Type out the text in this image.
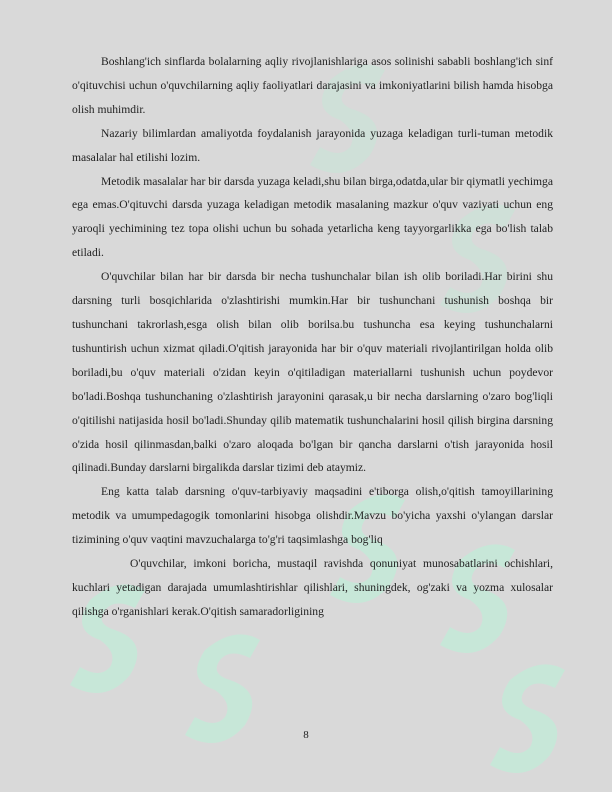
Boshlang'ich sinflarda bolalarning aqliy rivojlanishlariga asos solinishi sababli boshlang'ich sinf o'qituvchisi uchun o'quvchilarning aqliy faoliyatlari darajasini va imkoniyatlarini bilish hamda hisobga olish muhimdir.

Nazariy bilimlardan amaliyotda foydalanish jarayonida yuzaga keladigan turli-tuman metodik masalalar hal etilishi lozim.

Metodik masalalar har bir darsda yuzaga keladi,shu bilan birga,odatda,ular bir qiymatli yechimga ega emas.O'qituvchi darsda yuzaga keladigan metodik masalaning mazkur o'quv vaziyati uchun eng yaroqli yechimining tez topa olishi uchun bu sohada yetarlicha keng tayyorgarlikka ega bo'lish talab etiladi.

O'quvchilar bilan har bir darsda bir necha tushunchalar bilan ish olib boriladi.Har birini shu darsning turli bosqichlarida o'zlashtirishi mumkin.Har bir tushunchani tushunish boshqa bir tushunchani takrorlash,esga olish bilan olib borilsa.bu tushuncha esa keying tushunchalarni tushuntirish uchun xizmat qiladi.O'qitish jarayonida har bir o'quv materiali rivojlantirilgan holda olib boriladi,bu o'quv materiali o'zidan keyin o'qitiladigan materiallarni tushunish uchun poydevor bo'ladi.Boshqa tushunchaning o'zlashtirish jarayonini qarasak,u bir necha darslarning o'zaro bog'liqli o'qitilishi natijasida hosil bo'ladi.Shunday qilib matematik tushunchalarini hosil qilish birgina darsning o'zida hosil qilinmasdan,balki o'zaro aloqada bo'lgan bir qancha darslarni o'tish jarayonida hosil qilinadi.Bunday darslarni birgalikda darslar tizimi deb ataymiz.

Eng katta talab darsning o'quv-tarbiyaviy maqsadini e'tiborga olish,o'qitish tamoyillarining metodik va umumpedagogik tomonlarini hisobga olishdir.Mavzu bo'yicha yaxshi o'ylangan darslar tizimining o'quv vaqtini mavzuchalarga to'g'ri taqsimlashga bog'liq

O'quvchilar, imkoni boricha, mustaqil ravishda qonuniyat munosabatlarini ochishlari, kuchlari yetadigan darajada umumlashtirishlar qilishlari, shuningdek, og'zaki va yozma xulosalar qilishga o'rganishlari kerak.O'qitish samaradorligining

8
